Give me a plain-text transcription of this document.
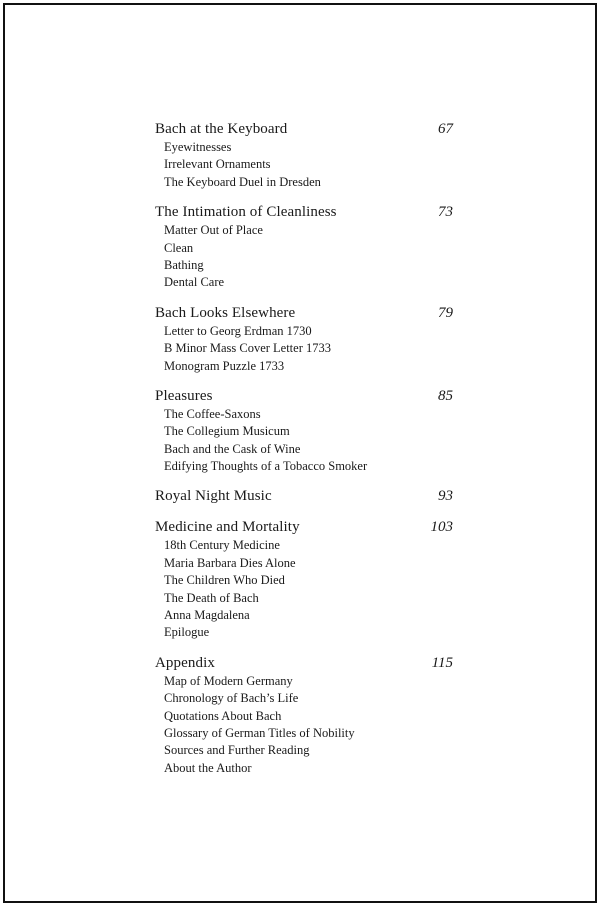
Bach at the Keyboard	67
Eyewitnesses
Irrelevant Ornaments
The Keyboard Duel in Dresden
The Intimation of Cleanliness	73
Matter Out of Place
Clean
Bathing
Dental Care
Bach Looks Elsewhere	79
Letter to Georg Erdman 1730
B Minor Mass Cover Letter 1733
Monogram Puzzle 1733
Pleasures	85
The Coffee-Saxons
The Collegium Musicum
Bach and the Cask of Wine
Edifying Thoughts of a Tobacco Smoker
Royal Night Music	93
Medicine and Mortality	103
18th Century Medicine
Maria Barbara Dies Alone
The Children Who Died
The Death of Bach
Anna Magdalena
Epilogue
Appendix	115
Map of Modern Germany
Chronology of Bach’s Life
Quotations About Bach
Glossary of German Titles of Nobility
Sources and Further Reading
About the Author
